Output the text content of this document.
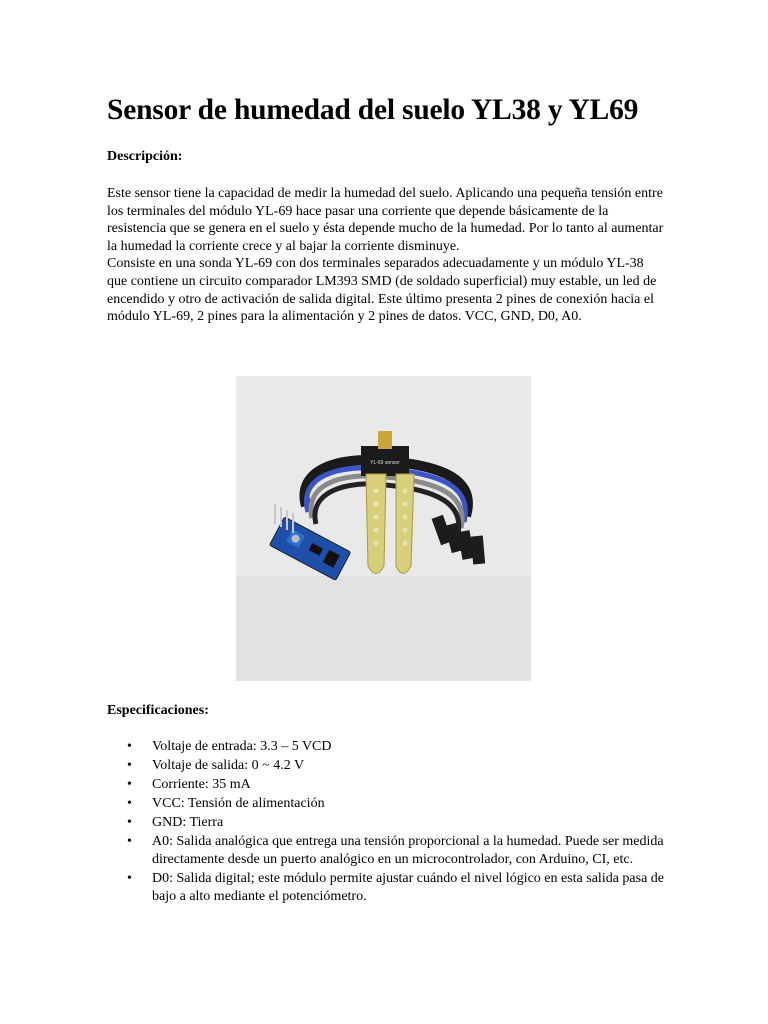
Sensor de humedad del suelo YL38 y YL69
Descripción:

Este sensor tiene la capacidad de medir la humedad del suelo. Aplicando una pequeña tensión entre los terminales del módulo YL-69 hace pasar una corriente que depende básicamente de la resistencia que se genera en el suelo y ésta depende mucho de la humedad. Por lo tanto al aumentar la humedad la corriente crece y al bajar la corriente disminuye.

Consiste en una sonda YL-69 con dos terminales separados adecuadamente y un módulo YL-38 que contiene un circuito comparador LM393 SMD (de soldado superficial) muy estable, un led de encendido y otro de activación de salida digital. Este último presenta 2 pines de conexión hacia el módulo YL-69, 2 pines para la alimentación y 2 pines de datos. VCC, GND, D0, A0.

YL-69 sensor
Especificaciones:
• Voltaje de entrada: 3.3 – 5 VCD
• Voltaje de salida: 0 ~ 4.2 V
• Corriente: 35 mA
• VCC: Tensión de alimentación
• GND: Tierra
• A0: Salida analógica que entrega una tensión proporcional a la humedad. Puede ser medida directamente desde un puerto analógico en un microcontrolador, con Arduino, CI, etc.
• D0: Salida digital; este módulo permite ajustar cuándo el nivel lógico en esta salida pasa de bajo a alto mediante el potenciómetro.
